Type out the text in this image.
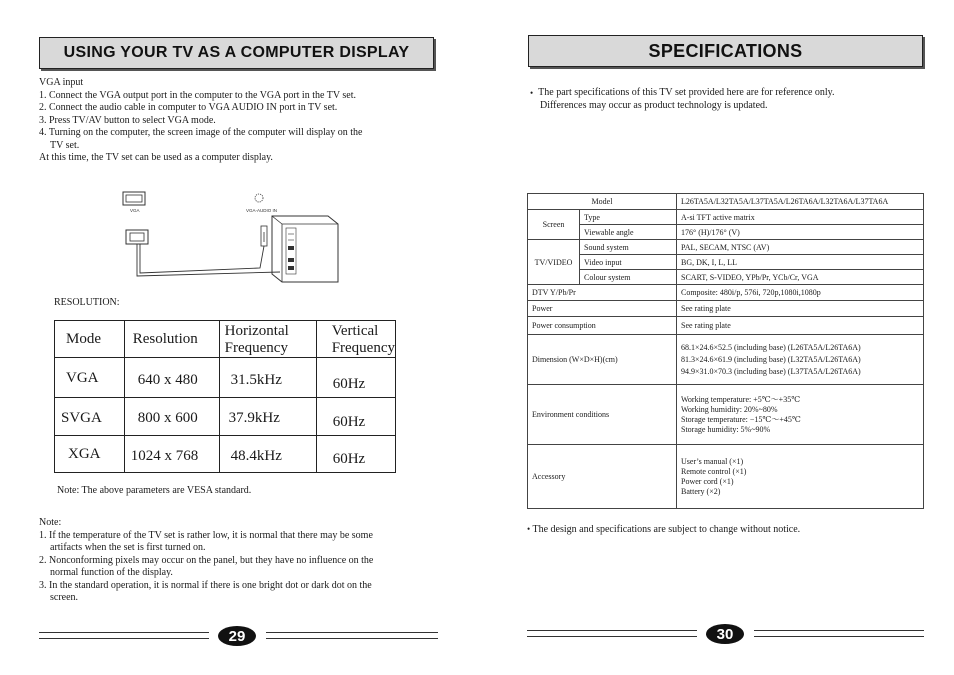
USING YOUR TV AS A COMPUTER DISPLAY

VGA input

1. Connect the VGA output port in the computer to the VGA port in the TV set.

2. Connect the audio cable in computer to VGA AUDIO IN port in TV set.

3. Press TV/AV button to select VGA mode.

4. Turning on the computer, the screen image of the computer will display on the

TV set.

At this time, the TV set can be used as a computer display.

VGA	VGA-AUDIO IN
RESOLUTION:
Mode	Resolution	Horizontal Frequency	Vertical Frequency
VGA	640 x 480	31.5kHz	60Hz
SVGA	800 x 600	37.9kHz	60Hz
XGA	1024 x 768	48.4kHz	60Hz
Note: The above parameters are VESA standard.

Note:

1. If the temperature of the TV set is rather low, it is normal that there may be some

artifacts when the set is first turned on.

2. Nonconforming pixels may occur on the panel, but they have no influence on the

normal function of the display.

3. In the standard operation, it is normal if there is one bright dot or dark dot on the

screen.

29
SPECIFICATIONS

• The part specifications of this TV set provided here are for reference only.

Differences may occur as product technology is updated.

Model		L26TA5A/L32TA5A/L37TA5A/L26TA6A/L32TA6A/L37TA6A
Screen	Type	A-si TFT active matrix
	Viewable angle	176° (H)/176° (V)
TV/VIDEO	Sound system	PAL, SECAM, NTSC (AV)
	Video input	BG, DK, I, L, LL
	Colour system	SCART, S-VIDEO, YPb/Pr, YCb/Cr, VGA
DTV Y/Pb/Pr		Composite: 480i/p, 576i, 720p,1080i,1080p
Power		See rating plate
Power consumption		See rating plate
Dimension (W×D×H)(cm)		68.1×24.6×52.5 (including base) (L26TA5A/L26TA6A)
81.3×24.6×61.9 (including base) (L32TA5A/L26TA6A)
94.9×31.0×70.3 (including base) (L37TA5A/L26TA6A)

Environment conditions		Working temperature: +5℃～+35℃
Working humidity: 20%~80%
Storage temperature: −15℃～+45℃
Storage humidity: 5%~90%

Accessory		User’s manual (×1)
Remote control (×1)
Power cord (×1)
Battery (×2)
• The design and specifications are subject to change without notice.
30
